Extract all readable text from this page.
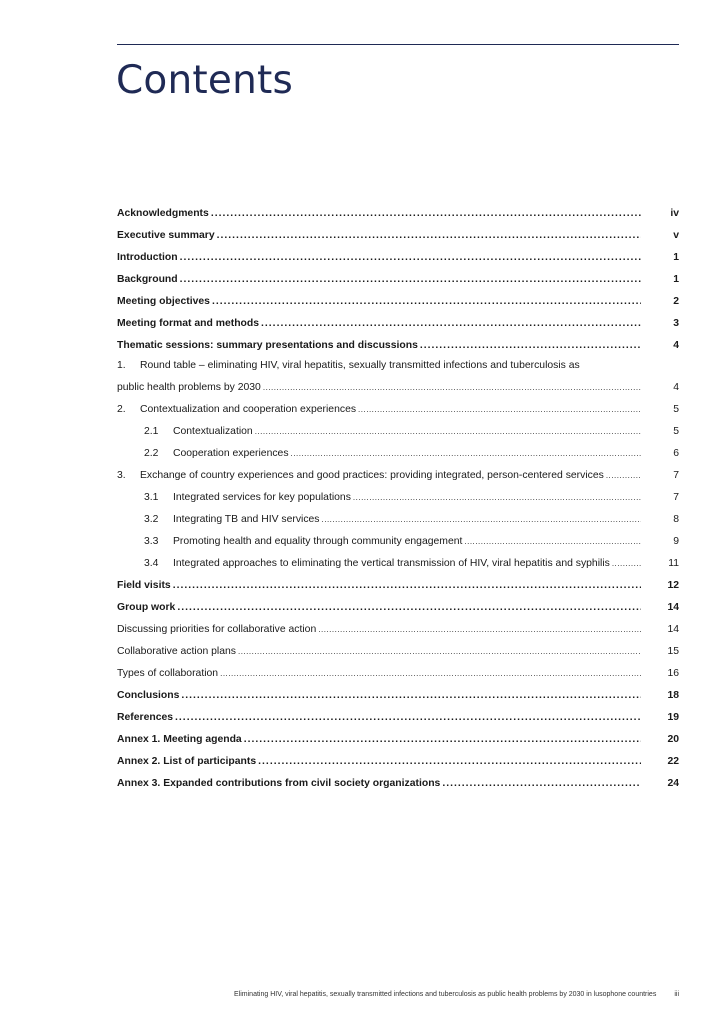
Contents
Acknowledgments .....	iv
Executive summary .....	v
Introduction .....	1
Background .....	1
Meeting objectives .....	2
Meeting format and methods .....	3
Thematic sessions: summary presentations and discussions .....	4
1. Round table – eliminating HIV, viral hepatitis, sexually transmitted infections and tuberculosis as
public health problems by 2030 .....	4
2.	Contextualization and cooperation experiences .....	5
2.1	Contextualization .....	5
2.2	Cooperation experiences .....	6
3.	Exchange of country experiences and good practices: providing integrated, person-centered services .....	7
3.1	Integrated services for key populations .....	7
3.2	Integrating TB and HIV services .....	8
3.3	Promoting health and equality through community engagement .....	9
3.4	Integrated approaches to eliminating the vertical transmission of HIV, viral hepatitis and syphilis .....	11
Field visits .....	12
Group work .....	14
Discussing priorities for collaborative action .....	14
Collaborative action plans .....	15
Types of collaboration .....	16
Conclusions .....	18
References .....	19
Annex 1. Meeting agenda .....	20
Annex 2. List of participants .....	22
Annex 3. Expanded contributions from civil society organizations .....	24
Eliminating HIV, viral hepatitis, sexually transmitted infections and tuberculosis as public health problems by 2030 in lusophone countries	iii
